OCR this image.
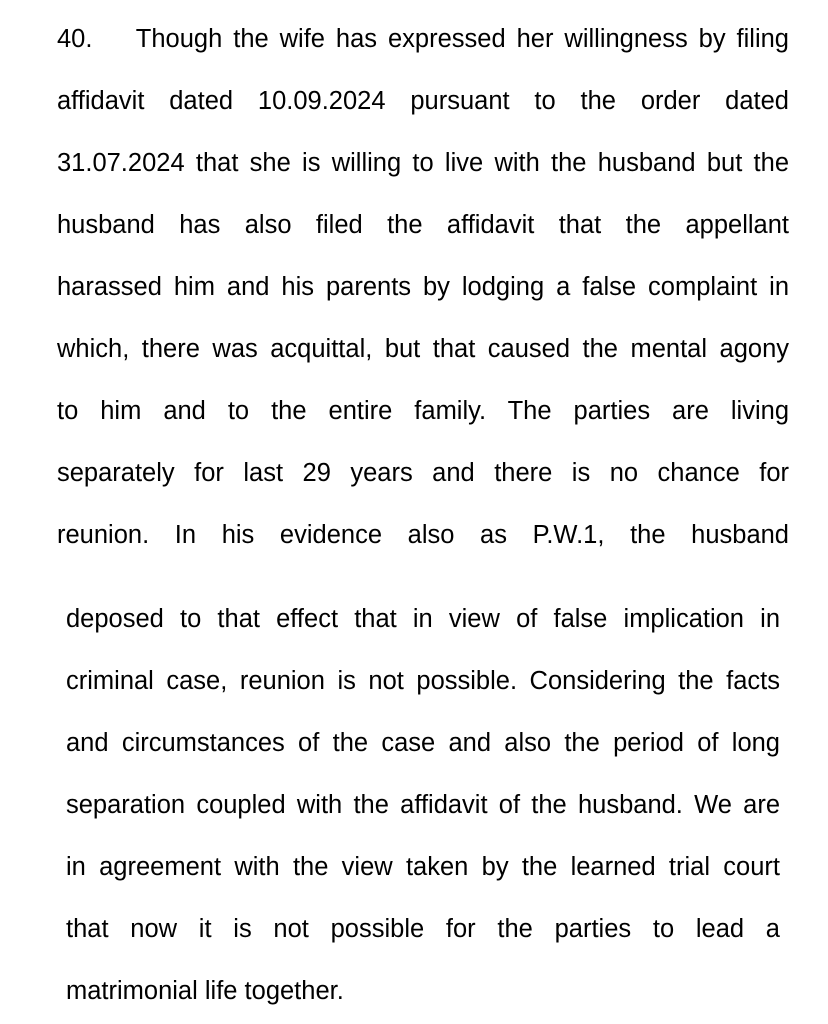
40.    Though the wife has expressed her willingness by filing
affidavit dated 10.09.2024 pursuant to the order dated
31.07.2024 that she is willing to live with the husband but the
husband has also filed the affidavit that the appellant
harassed him and his parents by lodging a false complaint in
which, there was acquittal, but that caused the mental agony
to him and to the entire family. The parties are living
separately for last 29 years and there is no chance for
reunion. In his evidence also as P.W.1, the husband

deposed to that effect that in view of false implication in
criminal case, reunion is not possible. Considering the facts
and circumstances of the case and also the period of long
separation coupled with the affidavit of the husband. We are
in agreement with the view taken by the learned trial court
that now it is not possible for the parties to lead a
matrimonial life together.
